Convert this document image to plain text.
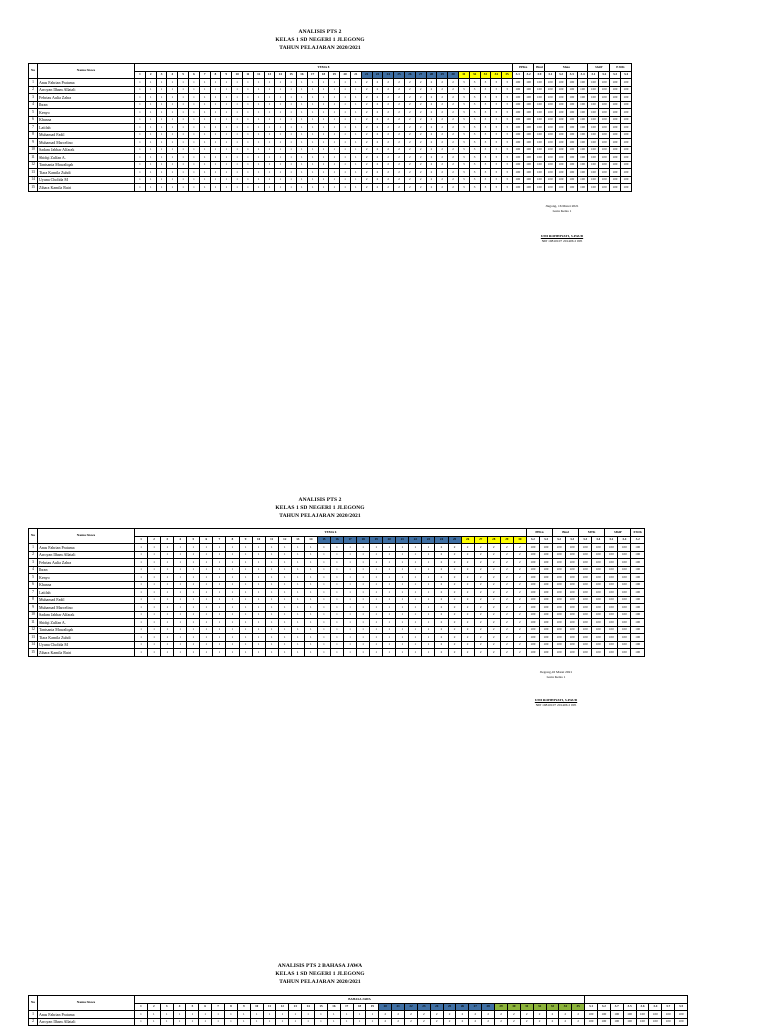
ANALISIS PTS 2
KELAS 1 SD NEGERI 1 JLEGONG
TAHUN PELAJARAN 2020/2021
No	Nama Siswa	TEMA 8																																			PPKn		Bind	Mate				SbdP		PJOK	
		1	2	3	4	5	6	7	8	9	10	11	12	13	14	15	16	17	18	19	20	21	22	23	24	25	26	27	28	29	30	31	32	33	34	35	3.1	3.2	3.9	3.1	3.2	3.3	3.4	3.1	3.2	3.3	3.4
1	Anas Fahrian Pratama	1	1	1	1	1	1	1	1	1	1	1	1	1	1	1	1	1	1	1	1	1	2	2	2	2	2	2	2	2	2	3	3	3	3	3	100	100	100	100	100	100	100	100	100	100	100
2	Arroyan Ilham Allatali	1	1	1	1	1	1	1	1	1	1	1	1	1	1	1	1	1	1	1	1	1	2	2	2	2	2	2	2	2	2	3	3	3	3	3	100	100	100	100	100	100	100	100	100	100	100
3	Febriau Aulia Zahra	1	1	1	1	1	1	1	1	1	1	1	1	1	1	1	1	1	1	1	1	1	2	2	2	2	2	2	2	2	2	3	3	3	3	3	100	100	100	100	100	100	100	100	100	100	100
4	Ibran	1	1	1	1	1	1	1	1	1	1	1	1	1	1	1	1	1	1	1	1	1	2	2	2	2	2	2	2	2	2	3	3	3	3	3	100	100	100	100	100	100	100	100	100	100	100
5	Kenyo	1	1	1	1	1	1	1	1	1	1	1	1	1	1	1	1	1	1	1	1	1	2	2	2	2	2	2	2	2	2	3	3	3	3	3	100	100	100	100	100	100	100	100	100	100	100
6	Khusna	1	1	1	1	1	1	1	1	1	1	1	1	1	1	1	1	1	1	1	1	1	2	2	2	2	2	2	2	2	2	3	3	3	3	3	100	100	100	100	100	100	100	100	100	100	100
7	Latifah	1	1	1	1	1	1	1	1	1	1	1	1	1	1	1	1	1	1	1	1	1	2	2	2	2	2	2	2	2	2	3	3	3	3	3	100	100	100	100	100	100	100	100	100	100	100
8	Muhamad Fadil	1	1	1	1	1	1	1	1	1	1	1	1	1	1	1	1	1	1	1	1	1	2	2	2	2	2	2	2	2	2	3	3	3	3	3	100	100	100	100	100	100	100	100	100	100	100
9	Muhamad Marcelino	1	1	1	1	1	1	1	1	1	1	1	1	1	1	1	1	1	1	1	1	1	2	2	2	2	2	2	2	2	2	3	3	3	3	3	100	100	100	100	100	100	100	100	100	100	100
10	Sadam Jabbar Alfarak	1	1	1	1	1	1	1	1	1	1	1	1	1	1	1	1	1	1	1	1	1	2	2	2	2	2	2	2	2	2	3	3	3	3	3	100	100	100	100	100	100	100	100	100	100	100
11	Shidqi Zulfan A.	1	1	1	1	1	1	1	1	1	1	1	1	1	1	1	1	1	1	1	1	1	2	2	2	2	2	2	2	2	2	3	3	3	3	3	100	100	100	100	100	100	100	100	100	100	100
12	Tantsania Mawaliqah	1	1	1	1	1	1	1	1	1	1	1	1	1	1	1	1	1	1	1	1	1	2	2	2	2	2	2	2	2	2	3	3	3	3	3	100	100	100	100	100	100	100	100	100	100	100
13	Tiara Kamila Zuhdi	1	1	1	1	1	1	1	1	1	1	1	1	1	1	1	1	1	1	1	1	1	2	2	2	2	2	2	2	2	2	3	3	3	3	3	100	100	100	100	100	100	100	100	100	100	100
14	Uyuna Cholida M	1	1	1	1	1	1	1	1	1	1	1	1	1	1	1	1	1	1	1	1	1	2	2	2	2	2	2	2	2	2	3	3	3	3	3	100	100	100	100	100	100	100	100	100	100	100
15	Zihara Kamila Ratri	1	1	1	1	1	1	1	1	1	1	1	1	1	1	1	1	1	1	1	1	1	2	2	2	2	2	2	2	2	2	3	3	3	3	3	100	100	100	100	100	100	100	100	100	100	100
Jlegong, 16 Maret 2021
Guru Kelas 1
UMI ROHHIYATI, S.PAUD
NIP 19810107 201406 2 005
ANALISIS PTS 2
KELAS 1 SD NEGERI 1 JLEGONG
TAHUN PELAJARAN 2020/2021
No	Nama Siswa	TEMA 6																														PPKn		Bind		MTK		SBdP		PJOK
		1	2	3	4	5	6	7	8	9	10	11	12	13	14	15	16	17	18	19	20	21	22	23	24	25	26	27	28	29	30	3.2	3.3	3.2	3.3	3.3	3.4	3.2	3.4	3.2
1	Anas Fahrian Pratama	1	1	1	1	1	1	1	1	1	1	1	1	1	1	1	1	1	1	1	1	1	1	1	2	2	2	2	2	2	2	100	100	100	100	100	100	100	100	100
2	Arroyan Ilham Allatali	1	1	1	1	1	1	1	1	1	1	1	1	1	1	1	1	1	1	1	1	1	1	1	2	2	2	2	2	2	2	100	100	100	100	100	100	100	100	100
3	Febriau Aulia Zahra	1	1	1	1	1	1	1	1	1	1	1	1	1	1	1	1	1	1	1	1	1	1	1	2	2	2	2	2	2	2	100	100	100	100	100	100	100	100	100
4	Ibran	1	1	1	1	1	1	1	1	1	1	1	1	1	1	1	1	1	1	1	1	1	1	1	2	2	2	2	2	2	2	100	100	100	100	100	100	100	100	100
5	Kenyo	1	1	1	1	1	1	1	1	1	1	1	1	1	1	1	1	1	1	1	1	1	1	1	2	2	2	2	2	2	2	100	100	100	100	100	100	100	100	100
6	Khusna	1	1	1	1	1	1	1	1	1	1	1	1	1	1	1	1	1	1	1	1	1	1	1	2	2	2	2	2	2	2	100	100	100	100	100	100	100	100	100
7	Latifah	1	1	1	1	1	1	1	1	1	1	1	1	1	1	1	1	1	1	1	1	1	1	1	2	2	2	2	2	2	2	100	100	100	100	100	100	100	100	100
8	Muhamad Fadil	1	1	1	1	1	1	1	1	1	1	1	1	1	1	1	1	1	1	1	1	1	1	1	2	2	2	2	2	2	2	100	100	100	100	100	100	100	100	100
9	Muhamad Marcelino	1	1	1	1	1	1	1	1	1	1	1	1	1	1	1	1	1	1	1	1	1	1	1	2	2	2	2	2	2	2	100	100	100	100	100	100	100	100	100
10	Sadam Jabbar Alfarak	1	1	1	1	1	1	1	1	1	1	1	1	1	1	1	1	1	1	1	1	1	1	1	2	2	2	2	2	2	2	100	100	100	100	100	100	100	100	100
11	Shidqi Zulfan A.	1	1	1	1	1	1	1	1	1	1	1	1	1	1	1	1	1	1	1	1	1	1	1	2	2	2	2	2	2	2	100	100	100	100	100	100	100	100	100
12	Tantsania Mawaliqah	1	1	1	1	1	1	1	1	1	1	1	1	1	1	1	1	1	1	1	1	1	1	1	2	2	2	2	2	2	2	100	100	100	100	100	100	100	100	100
13	Tiara Kamila Zuhdi	1	1	1	1	1	1	1	1	1	1	1	1	1	1	1	1	1	1	1	1	1	1	1	2	2	2	2	2	2	2	100	100	100	100	100	100	100	100	100
14	Uyuna Cholida M	1	1	1	1	1	1	1	1	1	1	1	1	1	1	1	1	1	1	1	1	1	1	1	2	2	2	2	2	2	2	100	100	100	100	100	100	100	100	100
15	Zihara Kamila Ratri	1	1	1	1	1	1	1	1	1	1	1	1	1	1	1	1	1	1	1	1	1	1	1	2	2	2	2	2	2	2	100	100	100	100	100	100	100	100	100
Jlegong,16 Maret 2021
Guru Kelas 1
UMI ROHHIYATI, S.PAUD
NIP 19810107 201406 2 005
ANALISIS PTS 2 BAHASA JAWA
KELAS 1 SD NEGERI 1 JLEGONG
TAHUN PELAJARAN 2020/2021
No	Nama Siswa	BAHASA JAWA																																										
		1	2	3	4	5	6	7	8	9	10	11	12	13	14	15	16	17	18	19	20	21	22	23	24	25	26	27	28	29	30	31	32	33	34	35	3.1	3.2	3.7	3.5	3.6	3.4	3.7	3.5
1	Anas Fahrian Pratama	1	1	1	1	1	1	1	1	1	1	1	1	1	1	1	1	1	1	1	2	2	2	2	2	2	2	2	2	2	2	2	2	2	2	2	100	100	100	100	100	100	100	100
2	Arroyan Ilham Allatali	1	1	1	1	1	1	1	1	1	1	1	1	1	1	1	1	1	1	1	2	2	2	2	2	2	2	2	2	2	2	2	2	2	2	2	100	100	100	100	100	100	100	100
